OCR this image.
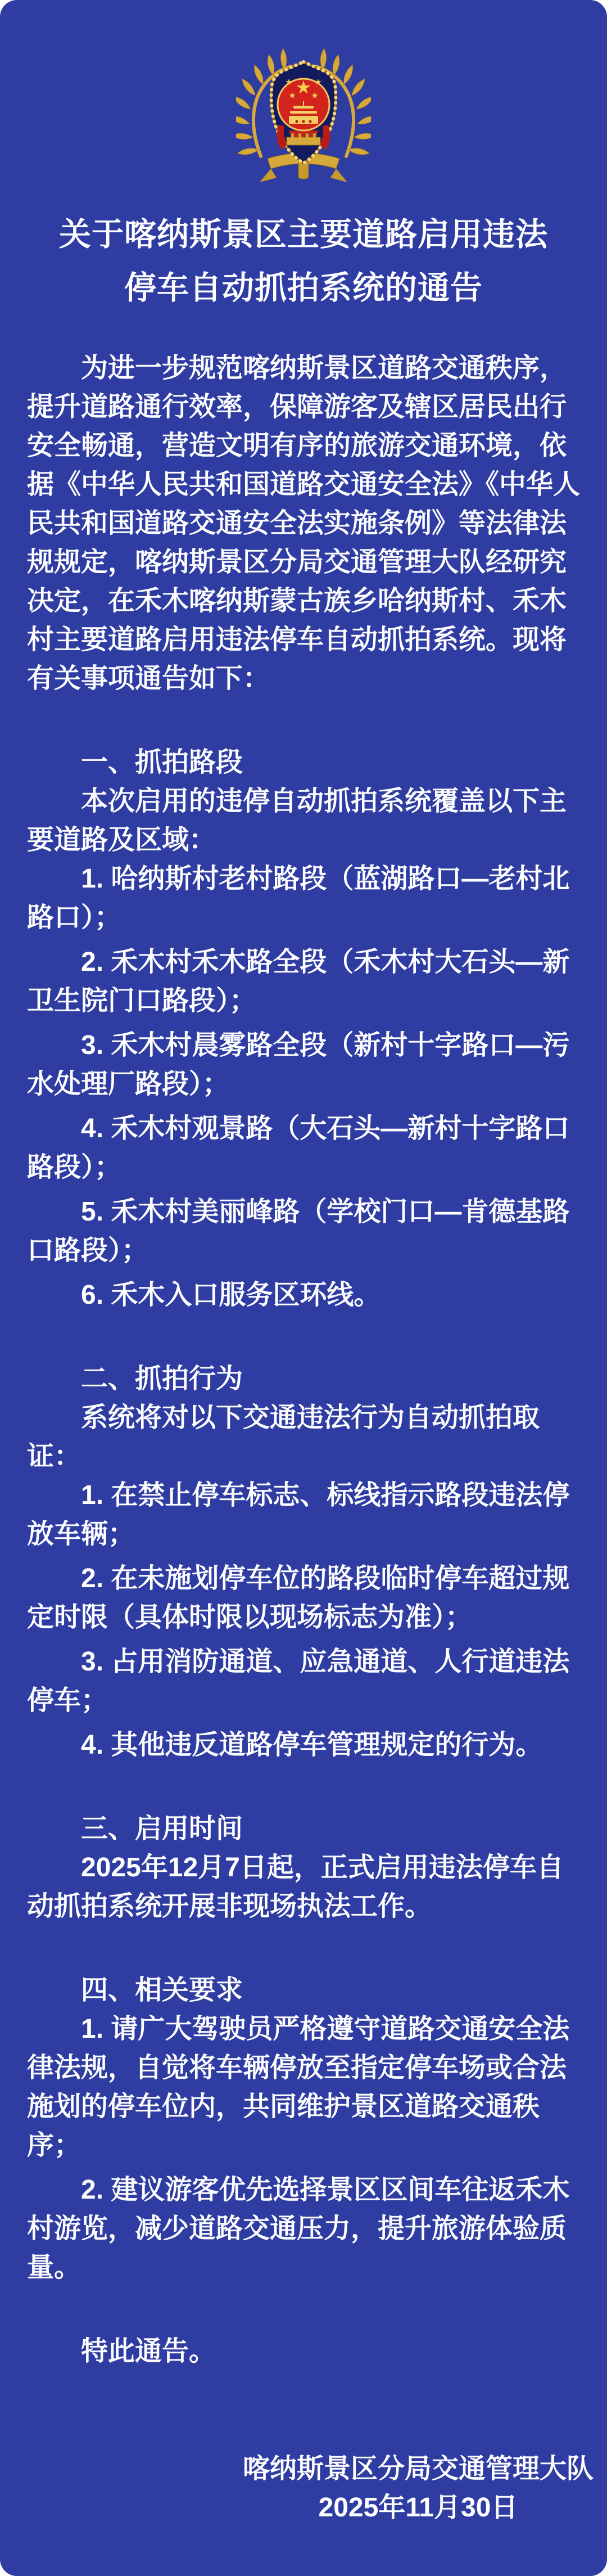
关于喀纳斯景区主要道路启用违法停车自动抓拍系统的通告

为进一步规范喀纳斯景区道路交通秩序，提升道路通行效率，保障游客及辖区居民出行安全畅通，营造文明有序的旅游交通环境，依据《中华人民共和国道路交通安全法》《中华人民共和国道路交通安全法实施条例》等法律法规规定，喀纳斯景区分局交通管理大队经研究决定，在禾木喀纳斯蒙古族乡哈纳斯村、禾木村主要道路启用违法停车自动抓拍系统。现将有关事项通告如下：

一、抓拍路段

本次启用的违停自动抓拍系统覆盖以下主要道路及区域：

1. 哈纳斯村老村路段（蓝湖路口—老村北路口）；

2. 禾木村禾木路全段（禾木村大石头—新卫生院门口路段）；

3. 禾木村晨雾路全段（新村十字路口—污水处理厂路段）；

4. 禾木村观景路（大石头—新村十字路口路段）；

5. 禾木村美丽峰路（学校门口—肯德基路口路段）；

6. 禾木入口服务区环线。

二、抓拍行为

系统将对以下交通违法行为自动抓拍取证：

1. 在禁止停车标志、标线指示路段违法停放车辆；

2. 在未施划停车位的路段临时停车超过规定时限（具体时限以现场标志为准）；

3. 占用消防通道、应急通道、人行道违法停车；

4. 其他违反道路停车管理规定的行为。

三、启用时间

2025年12月7日起，正式启用违法停车自动抓拍系统开展非现场执法工作。

四、相关要求

1. 请广大驾驶员严格遵守道路交通安全法律法规，自觉将车辆停放至指定停车场或合法施划的停车位内，共同维护景区道路交通秩序；

2. 建议游客优先选择景区区间车往返禾木村游览，减少道路交通压力，提升旅游体验质量。

特此通告。

喀纳斯景区分局交通管理大队
2025年11月30日
